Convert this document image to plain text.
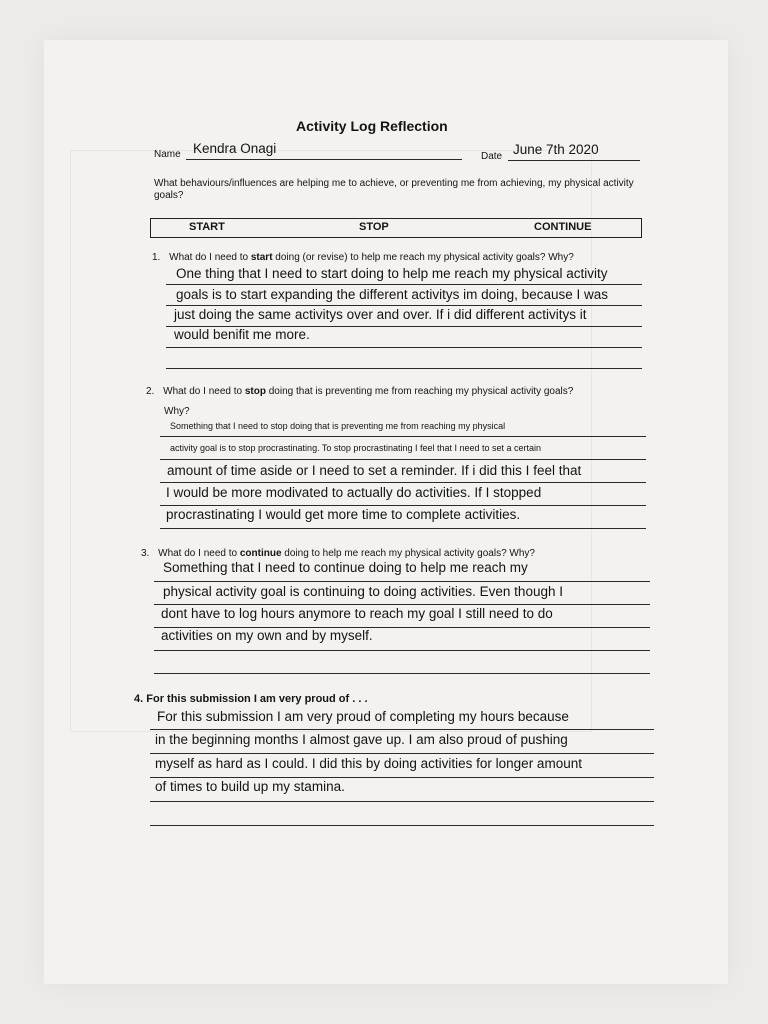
Activity Log Reflection
Name Kendra Onagi
Date June 7th 2020
What behaviours/influences are helping me to achieve, or preventing me from achieving, my physical activity goals?
START	STOP	CONTINUE
1. What do I need to start doing (or revise) to help me reach my physical activity goals? Why?
One thing that I need to start doing to help me reach my physical activity
goals is to start expanding the different activitys im doing, because I was
just doing the same activitys over and over. If i did different activitys it
would benifit me more.
2. What do I need to stop doing that is preventing me from reaching my physical activity goals?
Why?
Something that I need to stop doing that is preventing me from reaching my physical
activity goal is to stop procrastinating. To stop procrastinating I feel that I need to set a certain
amount of time aside or I need to set a reminder. If i did this I feel that
I would be more modivated to actually do activities. If I stopped
procrastinating I would get more time to complete activities.
3. What do I need to continue doing to help me reach my physical activity goals? Why?
Something that I need to continue doing to help me reach my
physical activity goal is continuing to doing activities. Even though I
dont have to log hours anymore to reach my goal I still need to do
activities on my own and by myself.
4. For this submission I am very proud of . . .
For this submission I am very proud of completing my hours because
in the beginning months I almost gave up. I am also proud of pushing
myself as hard as I could. I did this by doing activities for longer amount
of times to build up my stamina.
